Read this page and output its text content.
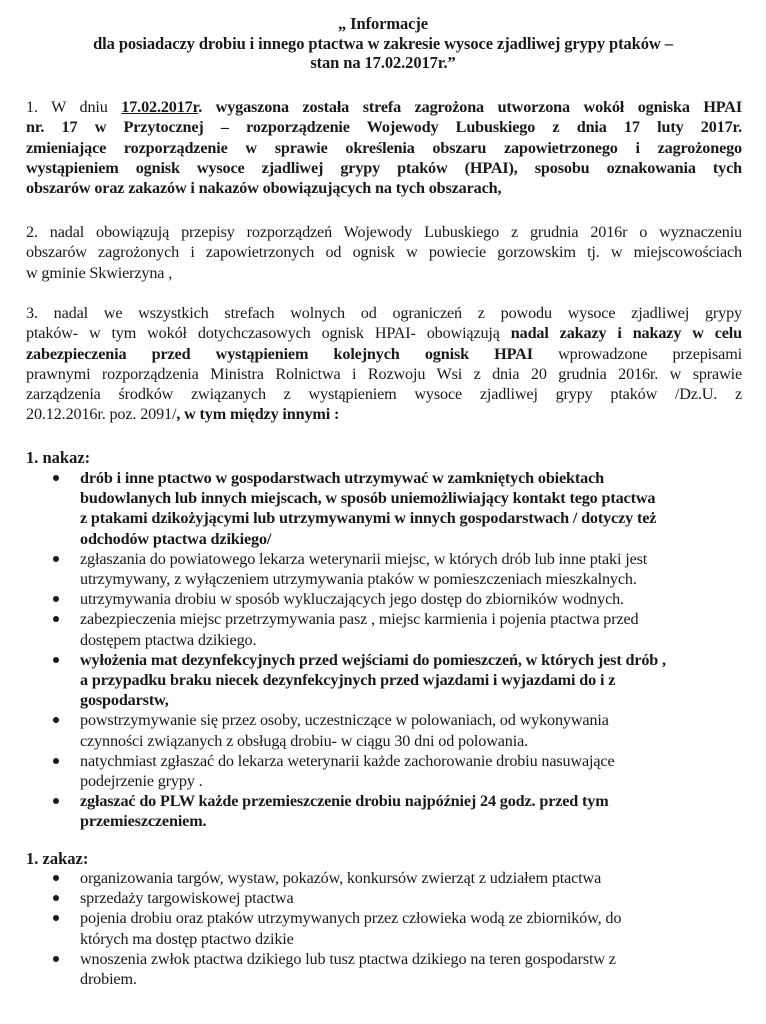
„ Informacje
dla posiadaczy drobiu i innego ptactwa w zakresie wysoce zjadliwej grypy ptaków –
stan na 17.02.2017r.”
1. W dniu 17.02.2017r. wygaszona została strefa zagrożona utworzona wokół ogniska HPAI
nr. 17 w Przytocznej – rozporządzenie Wojewody Lubuskiego z dnia 17 luty 2017r.
zmieniające rozporządzenie w sprawie określenia obszaru zapowietrzonego i zagrożonego
wystąpieniem ognisk wysoce zjadliwej grypy ptaków (HPAI), sposobu oznakowania tych
obszarów oraz zakazów i nakazów obowiązujących na tych obszarach,
2. nadal obowiązują przepisy rozporządzeń Wojewody Lubuskiego z grudnia 2016r o wyznaczeniu
obszarów zagrożonych i zapowietrzonych od ognisk w powiecie gorzowskim tj. w miejscowościach
w gminie Skwierzyna ,
3. nadal we wszystkich strefach wolnych od ograniczeń z powodu wysoce zjadliwej grypy
ptaków- w tym wokół dotychczasowych ognisk HPAI- obowiązują nadal zakazy i nakazy w celu
zabezpieczenia przed wystąpieniem kolejnych ognisk HPAI wprowadzone przepisami
prawnymi rozporządzenia Ministra Rolnictwa i Rozwoju Wsi z dnia 20 grudnia 2016r. w sprawie
zarządzenia środków związanych z wystąpieniem wysoce zjadliwej grypy ptaków /Dz.U. z
20.12.2016r. poz. 2091/, w tym między innymi :
1. nakaz:
drób i inne ptactwo w gospodarstwach utrzymywać w zamkniętych obiektach
budowlanych lub innych miejscach, w sposób uniemożliwiający kontakt tego ptactwa
z ptakami dzikożyjącymi lub utrzymywanymi w innych gospodarstwach / dotyczy też
odchodów ptactwa dzikiego/
zgłaszania do powiatowego lekarza weterynarii miejsc, w których drób lub inne ptaki jest
utrzymywany, z wyłączeniem utrzymywania ptaków w pomieszczeniach mieszkalnych.
utrzymywania drobiu w sposób wykluczających jego dostęp do zbiorników wodnych.
zabezpieczenia miejsc przetrzymywania pasz , miejsc karmienia i pojenia ptactwa przed
dostępem ptactwa dzikiego.
wyłożenia mat dezynfekcyjnych przed wejściami do pomieszczeń, w których jest drób ,
a przypadku braku niecek dezynfekcyjnych przed wjazdami i wyjazdami do i z
gospodarstw,
powstrzymywanie się przez osoby, uczestniczące w polowaniach, od wykonywania
czynności związanych z obsługą drobiu- w ciągu 30 dni od polowania.
natychmiast zgłaszać do lekarza weterynarii każde zachorowanie drobiu nasuwające
podejrzenie grypy .
zgłaszać do PLW każde przemieszczenie drobiu najpóźniej 24 godz. przed tym
przemieszczeniem.
1. zakaz:
organizowania targów, wystaw, pokazów, konkursów zwierząt z udziałem ptactwa
sprzedaży targowiskowej ptactwa
pojenia drobiu oraz ptaków utrzymywanych przez człowieka wodą ze zbiorników, do
których ma dostęp ptactwo dzikie
wnoszenia zwłok ptactwa dzikiego lub tusz ptactwa dzikiego na teren gospodarstw z
drobiem.
